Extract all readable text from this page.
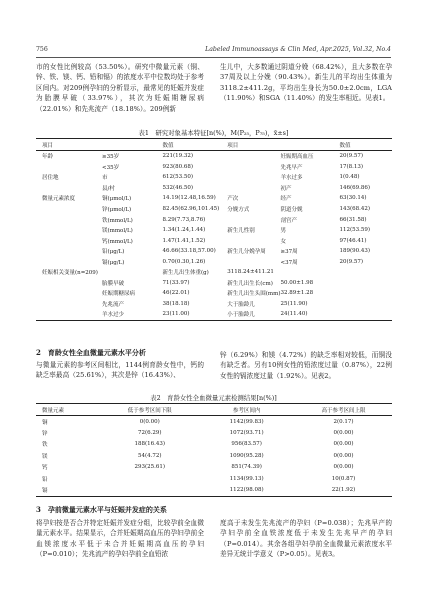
756	Labeled Immunoassays & Clin Med, Apr.2025, Vol.32, No.4

市的女性比例较高（53.50%）。研究中微量元素（铜、锌、铁、镁、钙、铅和镉）的浓度水平中位数均处于参考区间内。对209例孕妇的分析显示，最常见的妊娠并发症为胎膜早破（33.97%），其次为妊娠期糖尿病（22.01%）和先兆流产（18.18%）。209例新

生儿中，大多数通过阴道分娩（68.42%），且大多数在孕37周及以上分娩（90.43%）。新生儿的平均出生体重为3118.2±411.2g，平均出生身长为50.0±2.0cm，LGA（11.90%）和SGA（11.40%）的发生率相近。见表1。

表1　研究对象基本特征[n(%)，M(P₂₅，P₇₅)，x̄±s]
项目		数值	项目		数值
年龄	≥35岁	221(19.32)		妊娠期高血压	20(9.57)
	<35岁	923(80.68)		先兆早产	17(8.13)
居住地	市	612(53.50)		羊水过多	1(0.48)
	县/村	532(46.50)		初产	146(69.86)
微量元素浓度	铜(μmol/L)	14.19(12.48,16.59)	产次	经产	63(30.14)
	锌(μmol/L)	82.45(62.96,101.45)	分娩方式	阴道分娩	143(68.42)
	铁(mmol/L)	8.29(7.73,8.76)		剖宫产	66(31.58)
	镁(mmol/L)	1.34(1.24,1.44)	新生儿性别	男	112(53.59)
	钙(mmol/L)	1.47(1.41,1.52)		女	97(46.41)
	铅(μg/L)	46.66(33.18,57.00)	新生儿分娩孕周	≥37周	189(90.43)
	镉(μg/L)	0.70(0.30,1.26)		<37周	20(9.57)
妊娠相关变量(n=209)		新生儿出生体重(g)	3118.24±411.21		
	胎膜早破	71(33.97)	新生儿出生长(cm)	50.00±1.98	
	妊娠期糖尿病	46(22.01)	新生儿出生头围(mm)	32.89±1.28	
	先兆流产	38(18.18)	大于胎龄儿	25(11.90)	
	羊水过少	23(11.00)	小于胎龄儿	24(11.40)	
2　育龄女性全血微量元素水平分析

与微量元素的参考区间相比，1144例育龄女性中，钙的缺乏率最高（25.61%），其次是锌（16.43%）、

锌（6.29%）和镁（4.72%）的缺乏率相对较低，而铜没有缺乏者。另有10例女性的铅浓度过量（0.87%），22例女性的镉浓度过量（1.92%）。见表2。

表2　育龄女性全血微量元素检测结果[n(%)]
微量元素	低于参考区间下限	参考区间内	高于参考区间上限
铜	0(0.00)	1142(99.83)	2(0.17)
锌	72(6.29)	1072(93.71)	0(0.00)
铁	188(16.43)	956(83.57)	0(0.00)
镁	54(4.72)	1090(95.28)	0(0.00)
钙	293(25.61)	851(74.39)	0(0.00)
铅		1134(99.13)	10(0.87)
镉		1122(98.08)	22(1.92)
3　孕前微量元素水平与妊娠并发症的关系

将孕妇按是否合并特定妊娠并发症分组，比较孕前全血微量元素水平。结果显示，合并妊娠期高血压的孕妇孕前全血镁浓度水平低于未合并妊娠期高血压的孕妇（P=0.010）；先兆流产的孕妇孕前全血铅浓

度高于未发生先兆流产的孕妇（P=0.038）；先兆早产的孕妇孕前全血铁浓度低于未发生先兆早产的孕妇（P=0.014）。其余各组孕妇孕前全血微量元素浓度水平差异无统计学意义（P>0.05）。见表3。
